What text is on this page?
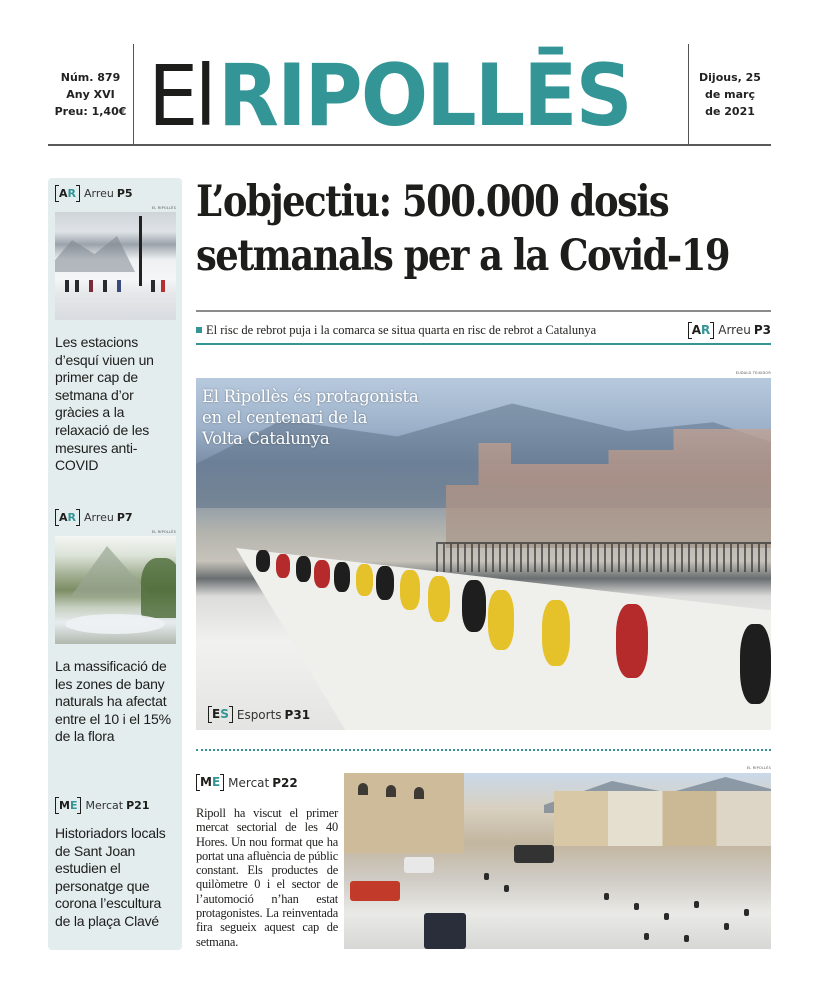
Núm. 879
Any XVI
Preu: 1,40€ El RIPOLLĒS	Dijous, 25
de març
de 2021
AR Arreu P5
EL RIPOLLÈS

Les estacions d’esquí viuen un primer cap de setmana d’or gràcies a la relaxació de les mesures anti-COVID

AR Arreu P7
EL RIPOLLÈS

La massificació de les zones de bany naturals ha afectat entre el 10 i el 15% de la flora

ME Mercat P21

Historiadors locals de Sant Joan estudien el personatge que corona l’escultura de la plaça Clavé

L’objectiu: 500.000 dosis
setmanals per a la Covid-19
El risc de rebrot puja i la comarca se situa quarta en risc de rebrot a Catalunya	AR Arreu P3
EUDALD TEIXIDOR
El Ripollès és protagonista
en el centenari de la
Volta Catalunya
ES Esports P31
ME Mercat P22

Ripoll ha viscut el primer mercat sectorial de les 40 Hores. Un nou format que ha portat una afluència de públic constant. Els productes de quilòmetre 0 i el sector de l’automoció n’han estat protagonistes. La reinventada fira segueix aquest cap de setmana.

EL RIPOLLÈS
